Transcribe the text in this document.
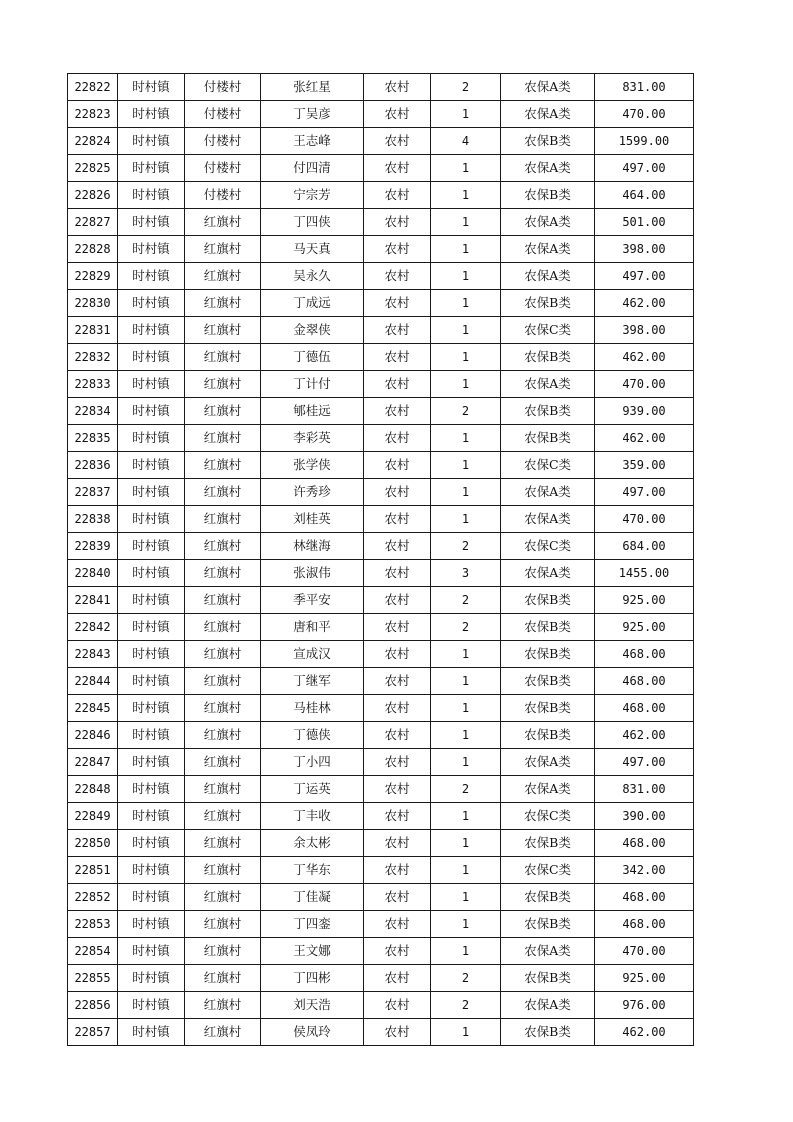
22822	时村镇	付楼村	张红星	农村	2	农保A类	831.00
22823	时村镇	付楼村	丁吴彦	农村	1	农保A类	470.00
22824	时村镇	付楼村	王志峰	农村	4	农保B类	1599.00
22825	时村镇	付楼村	付四清	农村	1	农保A类	497.00
22826	时村镇	付楼村	宁宗芳	农村	1	农保B类	464.00
22827	时村镇	红旗村	丁四侠	农村	1	农保A类	501.00
22828	时村镇	红旗村	马天真	农村	1	农保A类	398.00
22829	时村镇	红旗村	吴永久	农村	1	农保A类	497.00
22830	时村镇	红旗村	丁成远	农村	1	农保B类	462.00
22831	时村镇	红旗村	金翠侠	农村	1	农保C类	398.00
22832	时村镇	红旗村	丁德伍	农村	1	农保B类	462.00
22833	时村镇	红旗村	丁计付	农村	1	农保A类	470.00
22834	时村镇	红旗村	郇桂远	农村	2	农保B类	939.00
22835	时村镇	红旗村	李彩英	农村	1	农保B类	462.00
22836	时村镇	红旗村	张学侠	农村	1	农保C类	359.00
22837	时村镇	红旗村	许秀珍	农村	1	农保A类	497.00
22838	时村镇	红旗村	刘桂英	农村	1	农保A类	470.00
22839	时村镇	红旗村	林继海	农村	2	农保C类	684.00
22840	时村镇	红旗村	张淑伟	农村	3	农保A类	1455.00
22841	时村镇	红旗村	季平安	农村	2	农保B类	925.00
22842	时村镇	红旗村	唐和平	农村	2	农保B类	925.00
22843	时村镇	红旗村	宣成汉	农村	1	农保B类	468.00
22844	时村镇	红旗村	丁继军	农村	1	农保B类	468.00
22845	时村镇	红旗村	马桂林	农村	1	农保B类	468.00
22846	时村镇	红旗村	丁德侠	农村	1	农保B类	462.00
22847	时村镇	红旗村	丁小四	农村	1	农保A类	497.00
22848	时村镇	红旗村	丁运英	农村	2	农保A类	831.00
22849	时村镇	红旗村	丁丰收	农村	1	农保C类	390.00
22850	时村镇	红旗村	余太彬	农村	1	农保B类	468.00
22851	时村镇	红旗村	丁华东	农村	1	农保C类	342.00
22852	时村镇	红旗村	丁佳凝	农村	1	农保B类	468.00
22853	时村镇	红旗村	丁四銮	农村	1	农保B类	468.00
22854	时村镇	红旗村	王文娜	农村	1	农保A类	470.00
22855	时村镇	红旗村	丁四彬	农村	2	农保B类	925.00
22856	时村镇	红旗村	刘天浩	农村	2	农保A类	976.00
22857	时村镇	红旗村	侯凤玲	农村	1	农保B类	462.00
